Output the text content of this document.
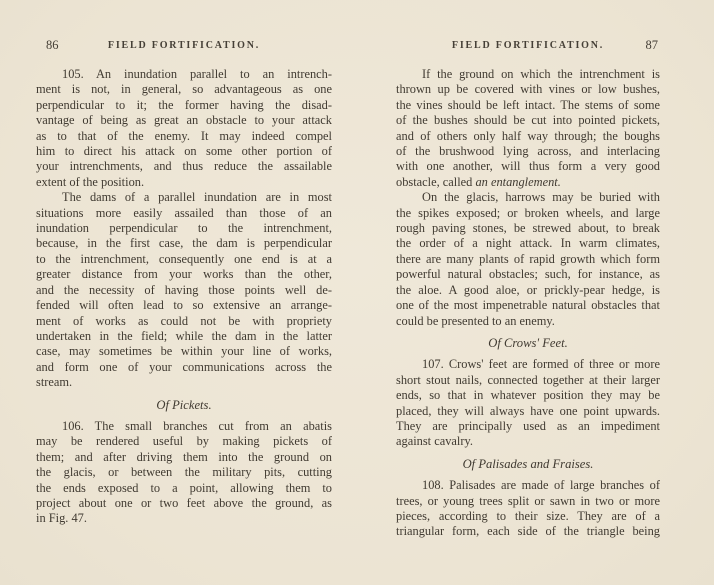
86	FIELD FORTIFICATION.
105. An inundation parallel to an intrench-
ment is not, in general, so advantageous as one
perpendicular to it; the former having the disad-
vantage of being as great an obstacle to your attack
as to that of the enemy. It may indeed compel
him to direct his attack on some other portion of
your intrenchments, and thus reduce the assailable
extent of the position.
The dams of a parallel inundation are in most
situations more easily assailed than those of an
inundation perpendicular to the intrenchment,
because, in the first case, the dam is perpendicular
to the intrenchment, consequently one end is at a
greater distance from your works than the other,
and the necessity of having those points well de-
fended will often lead to so extensive an arrange-
ment of works as could not be with propriety
undertaken in the field; while the dam in the latter
case, may sometimes be within your line of works,
and form one of your communications across the
stream.
Of Pickets.
106. The small branches cut from an abatis
may be rendered useful by making pickets of
them; and after driving them into the ground on
the glacis, or between the military pits, cutting
the ends exposed to a point, allowing them to
project about one or two feet above the ground, as
in Fig. 47.
87
FIELD FORTIFICATION.
If the ground on which the intrenchment is
thrown up be covered with vines or low bushes,
the vines should be left intact. The stems of some
of the bushes should be cut into pointed pickets,
and of others only half way through; the boughs
of the brushwood lying across, and interlacing
with one another, will thus form a very good
obstacle, called an entanglement.
On the glacis, harrows may be buried with
the spikes exposed; or broken wheels, and large
rough paving stones, be strewed about, to break
the order of a night attack. In warm climates,
there are many plants of rapid growth which form
powerful natural obstacles; such, for instance, as
the aloe. A good aloe, or prickly-pear hedge, is
one of the most impenetrable natural obstacles that
could be presented to an enemy.
Of Crows' Feet.
107. Crows' feet are formed of three or more
short stout nails, connected together at their larger
ends, so that in whatever position they may be
placed, they will always have one point upwards.
They are principally used as an impediment
against cavalry.
Of Palisades and Fraises.
108. Palisades are made of large branches of
trees, or young trees split or sawn in two or more
pieces, according to their size. They are of a
triangular form, each side of the triangle being
